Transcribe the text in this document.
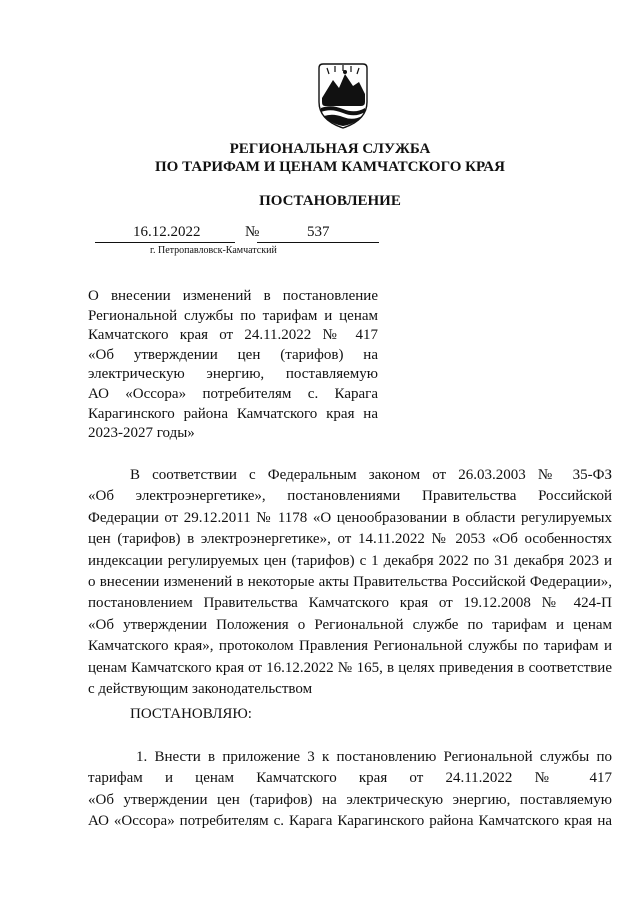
РЕГИОНАЛЬНАЯ СЛУЖБА
ПО ТАРИФАМ И ЦЕНАМ КАМЧАТСКОГО КРАЯ
ПОСТАНОВЛЕНИЕ
16.12.2022	№	537
г. Петропавловск-Камчатский
О внесении изменений в постановление
Региональной службы по тарифам и ценам
Камчатского края от 24.11.2022 № 417
«Об утверждении цен (тарифов) на
электрическую энергию, поставляемую
АО «Оссора» потребителям с. Карага
Карагинского района Камчатского края на
2023-2027 годы»
В соответствии с Федеральным законом от 26.03.2003 № 35-ФЗ
«Об электроэнергетике», постановлениями Правительства Российской
Федерации от 29.12.2011 № 1178 «О ценообразовании в области регулируемых
цен (тарифов) в электроэнергетике», от 14.11.2022 № 2053 «Об особенностях
индексации регулируемых цен (тарифов) с 1 декабря 2022 по 31 декабря 2023 и
о внесении изменений в некоторые акты Правительства Российской Федерации»,
постановлением Правительства Камчатского края от 19.12.2008 № 424-П
«Об утверждении Положения о Региональной службе по тарифам и ценам
Камчатского края», протоколом Правления Региональной службы по тарифам и
ценам Камчатского края от 16.12.2022 № 165, в целях приведения в соответствие
с действующим законодательством
ПОСТАНОВЛЯЮ:
1. Внести в приложение 3 к постановлению Региональной службы по
тарифам и ценам Камчатского края от 24.11.2022 № 417
«Об утверждении цен (тарифов) на электрическую энергию, поставляемую
АО «Оссора» потребителям с. Карага Карагинского района Камчатского края на
